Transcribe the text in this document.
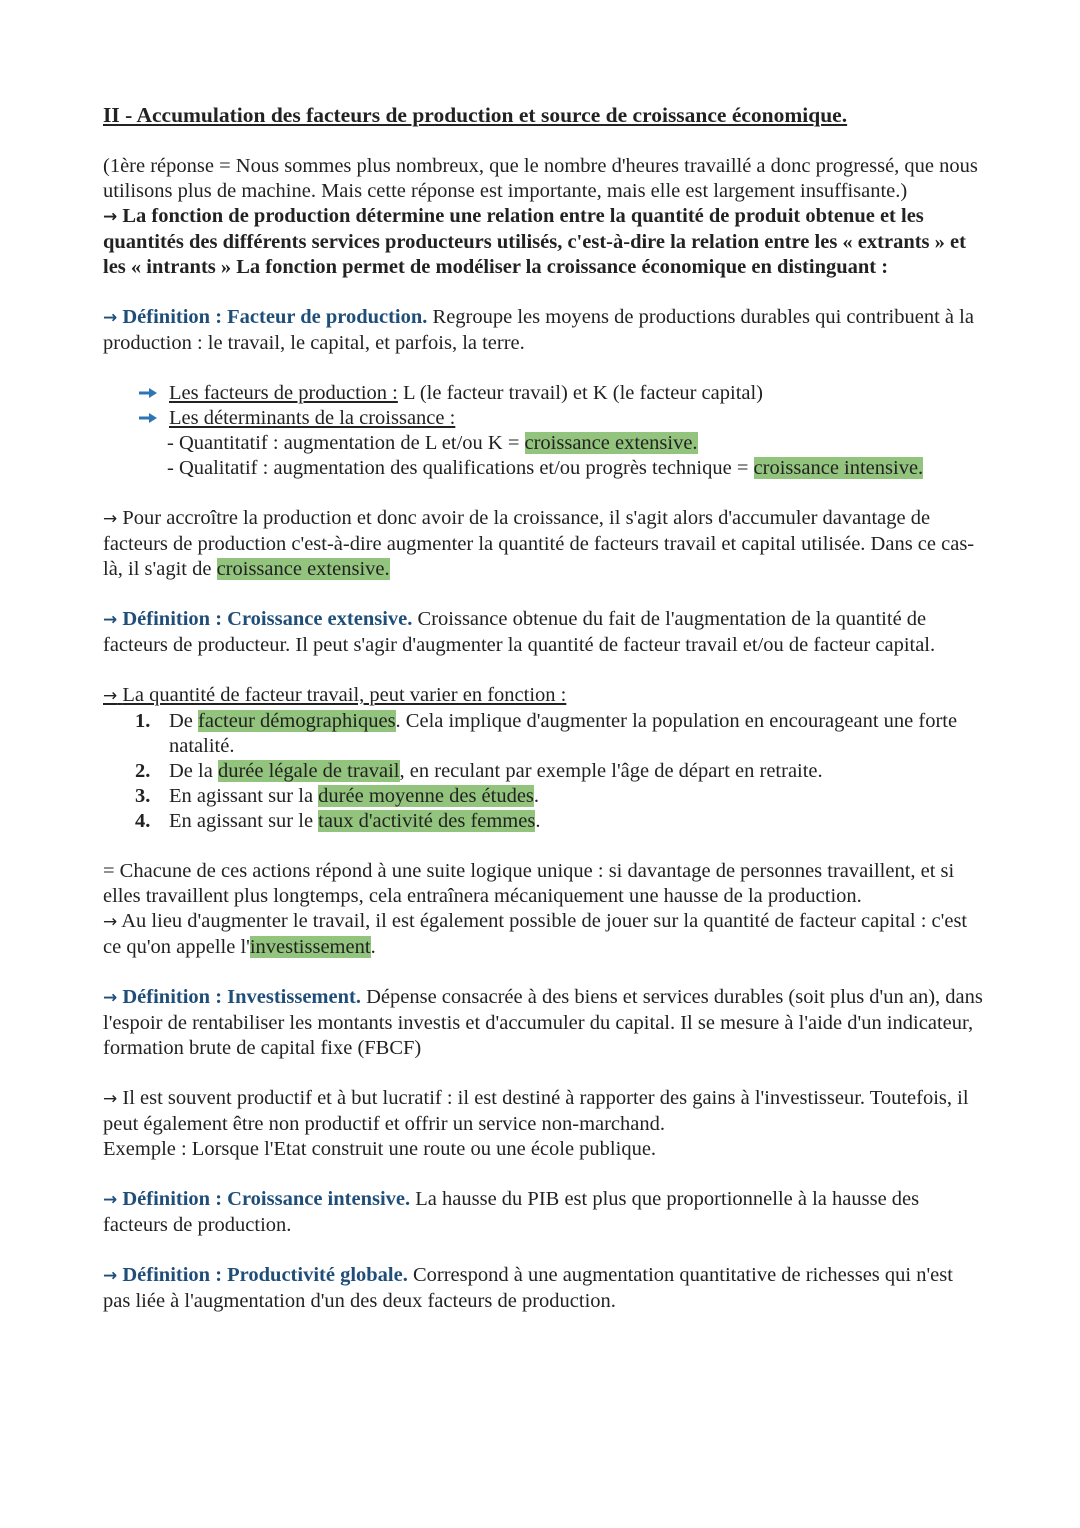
II - Accumulation des facteurs de production et source de croissance économique.

(1ère réponse = Nous sommes plus nombreux, que le nombre d'heures travaillé a donc progressé, que nous utilisons plus de machine. Mais cette réponse est importante, mais elle est largement insuffisante.)

→ La fonction de production détermine une relation entre la quantité de produit obtenue et les quantités des différents services producteurs utilisés, c'est-à-dire la relation entre les « extrants » et les « intrants » La fonction permet de modéliser la croissance économique en distinguant :

→ Définition : Facteur de production. Regroupe les moyens de productions durables qui contribuent à la production : le travail, le capital, et parfois, la terre.

Les facteurs de production : L (le facteur travail) et K (le facteur capital)
Les déterminants de la croissance :
- Quantitatif : augmentation de L et/ou K = croissance extensive.
- Qualitatif : augmentation des qualifications et/ou progrès technique = croissance intensive.

→ Pour accroître la production et donc avoir de la croissance, il s'agit alors d'accumuler davantage de facteurs de production c'est-à-dire augmenter la quantité de facteurs travail et capital utilisée. Dans ce cas-là, il s'agit de croissance extensive.

→ Définition : Croissance extensive. Croissance obtenue du fait de l'augmentation de la quantité de facteurs de producteur. Il peut s'agir d'augmenter la quantité de facteur travail et/ou de facteur capital.

→ La quantité de facteur travail, peut varier en fonction :

1. De facteur démographiques. Cela implique d'augmenter la population en encourageant une forte natalité.
2. De la durée légale de travail, en reculant par exemple l'âge de départ en retraite.
3. En agissant sur la durée moyenne des études.
4. En agissant sur le taux d'activité des femmes.

= Chacune de ces actions répond à une suite logique unique : si davantage de personnes travaillent, et si elles travaillent plus longtemps, cela entraînera mécaniquement une hausse de la production.

→ Au lieu d'augmenter le travail, il est également possible de jouer sur la quantité de facteur capital : c'est ce qu'on appelle l'investissement.

→ Définition : Investissement. Dépense consacrée à des biens et services durables (soit plus d'un an), dans l'espoir de rentabiliser les montants investis et d'accumuler du capital. Il se mesure à l'aide d'un indicateur, formation brute de capital fixe (FBCF)

→ Il est souvent productif et à but lucratif : il est destiné à rapporter des gains à l'investisseur. Toutefois, il peut également être non productif et offrir un service non-marchand.

Exemple : Lorsque l'Etat construit une route ou une école publique.

→ Définition : Croissance intensive. La hausse du PIB est plus que proportionnelle à la hausse des facteurs de production.

→ Définition : Productivité globale. Correspond à une augmentation quantitative de richesses qui n'est pas liée à l'augmentation d'un des deux facteurs de production.
